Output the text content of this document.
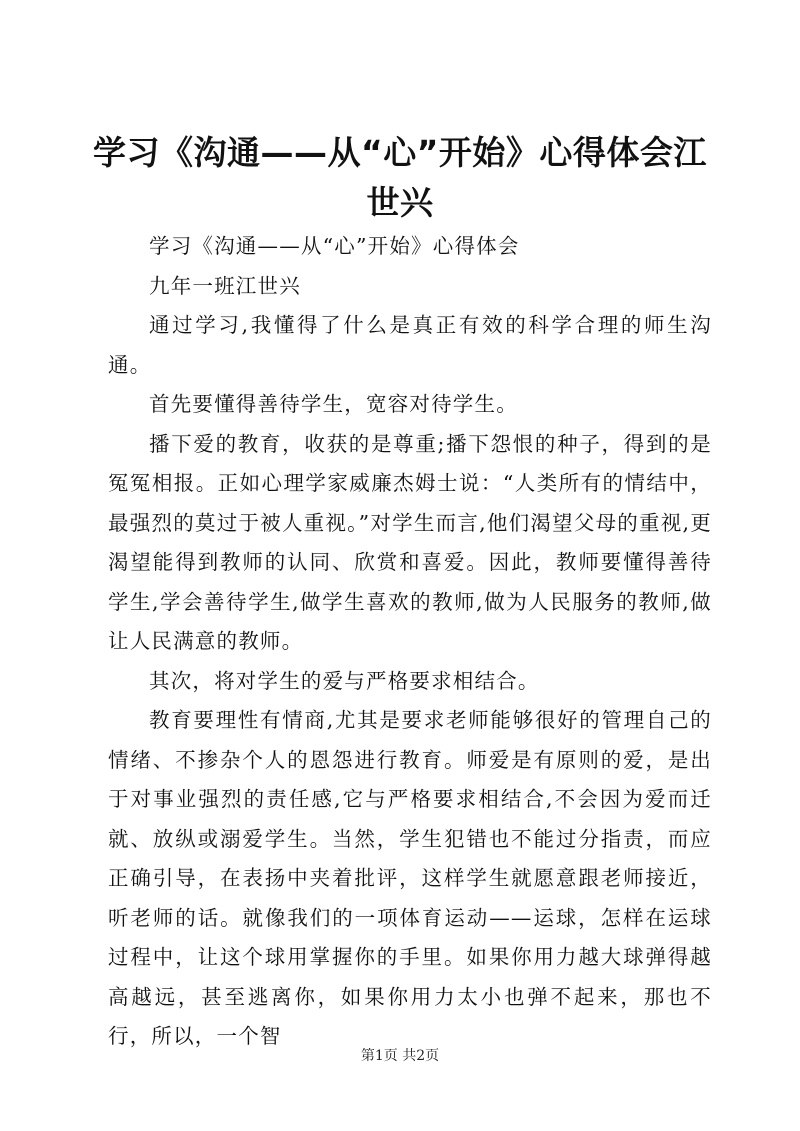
学习《沟通——从“心”开始》心得体会江世兴

学习《沟通——从“心”开始》心得体会

九年一班江世兴

通过学习,我懂得了什么是真正有效的科学合理的师生沟通。

首先要懂得善待学生，宽容对待学生。

播下爱的教育，收获的是尊重;播下怨恨的种子，得到的是冤冤相报。正如心理学家威廉杰姆士说：“人类所有的情结中，最强烈的莫过于被人重视。”对学生而言,他们渴望父母的重视,更渴望能得到教师的认同、欣赏和喜爱。因此，教师要懂得善待学生,学会善待学生,做学生喜欢的教师,做为人民服务的教师,做让人民满意的教师。

其次，将对学生的爱与严格要求相结合。

教育要理性有情商,尤其是要求老师能够很好的管理自己的情绪、不掺杂个人的恩怨进行教育。师爱是有原则的爱，是出于对事业强烈的责任感,它与严格要求相结合,不会因为爱而迁就、放纵或溺爱学生。当然，学生犯错也不能过分指责，而应正确引导，在表扬中夹着批评，这样学生就愿意跟老师接近，听老师的话。就像我们的一项体育运动——运球，怎样在运球过程中，让这个球用掌握你的手里。如果你用力越大球弹得越高越远，甚至逃离你，如果你用力太小也弹不起来，那也不行，所以，一个智

第1页 共2页
